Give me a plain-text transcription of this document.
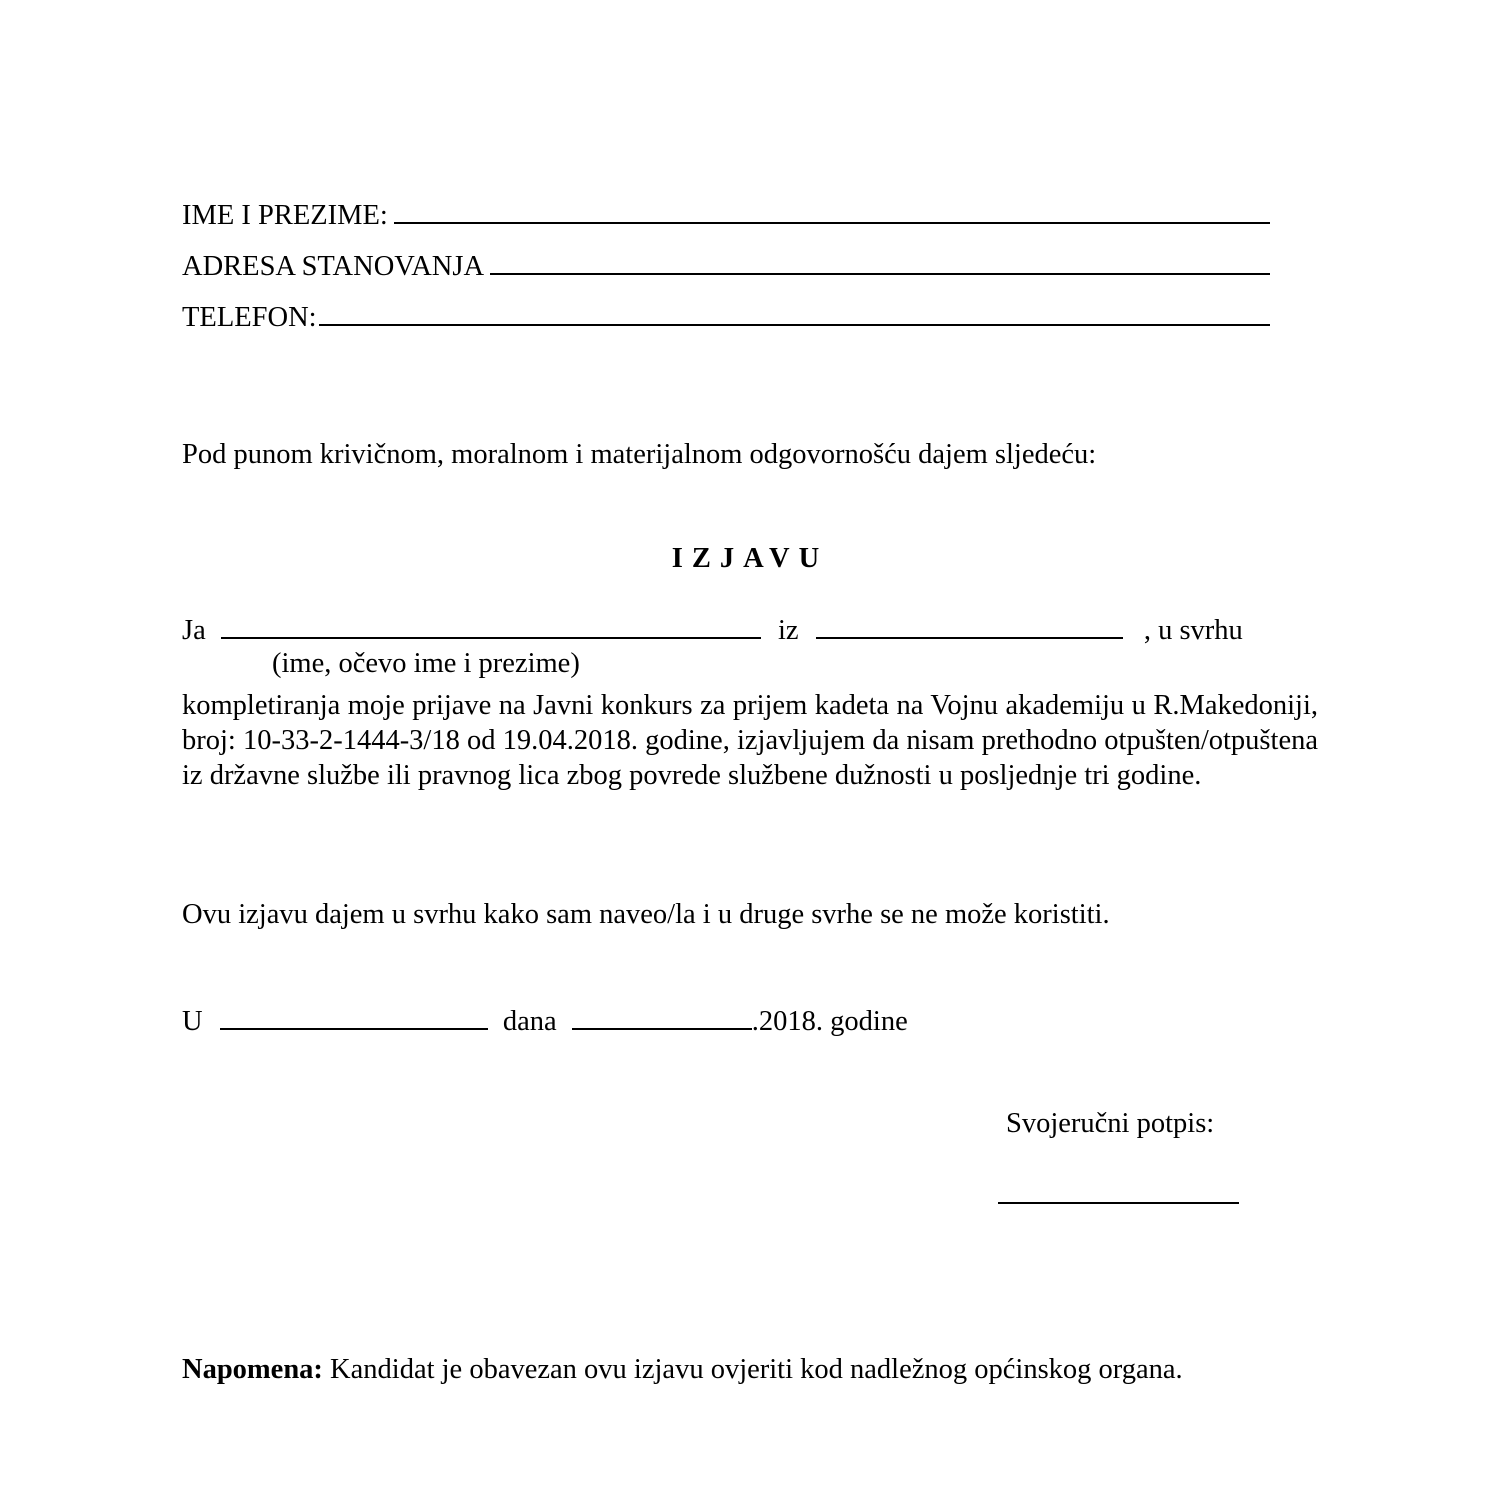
IME I PREZIME:
ADRESA STANOVANJA
TELEFON:
Pod punom krivičnom, moralnom i materijalnom odgovornošću dajem sljedeću:
IZJAVU
Ja	iz	, u svrhu
(ime, očevo ime i prezime)
kompletiranja moje prijave na Javni konkurs za prijem kadeta na Vojnu akademiju u R.Makedoniji, broj: 10-33-2-1444-3/18 od 19.04.2018. godine, izjavljujem da nisam prethodno otpušten/otpuštena iz državne službe ili pravnog lica zbog povrede službene dužnosti u posljednje tri godine.
Ovu izjavu dajem u svrhu kako sam naveo/la i u druge svrhe se ne može koristiti.
U	dana	.2018. godine
Svojeručni potpis:
Napomena: Kandidat je obavezan ovu izjavu ovjeriti kod nadležnog općinskog organa.
